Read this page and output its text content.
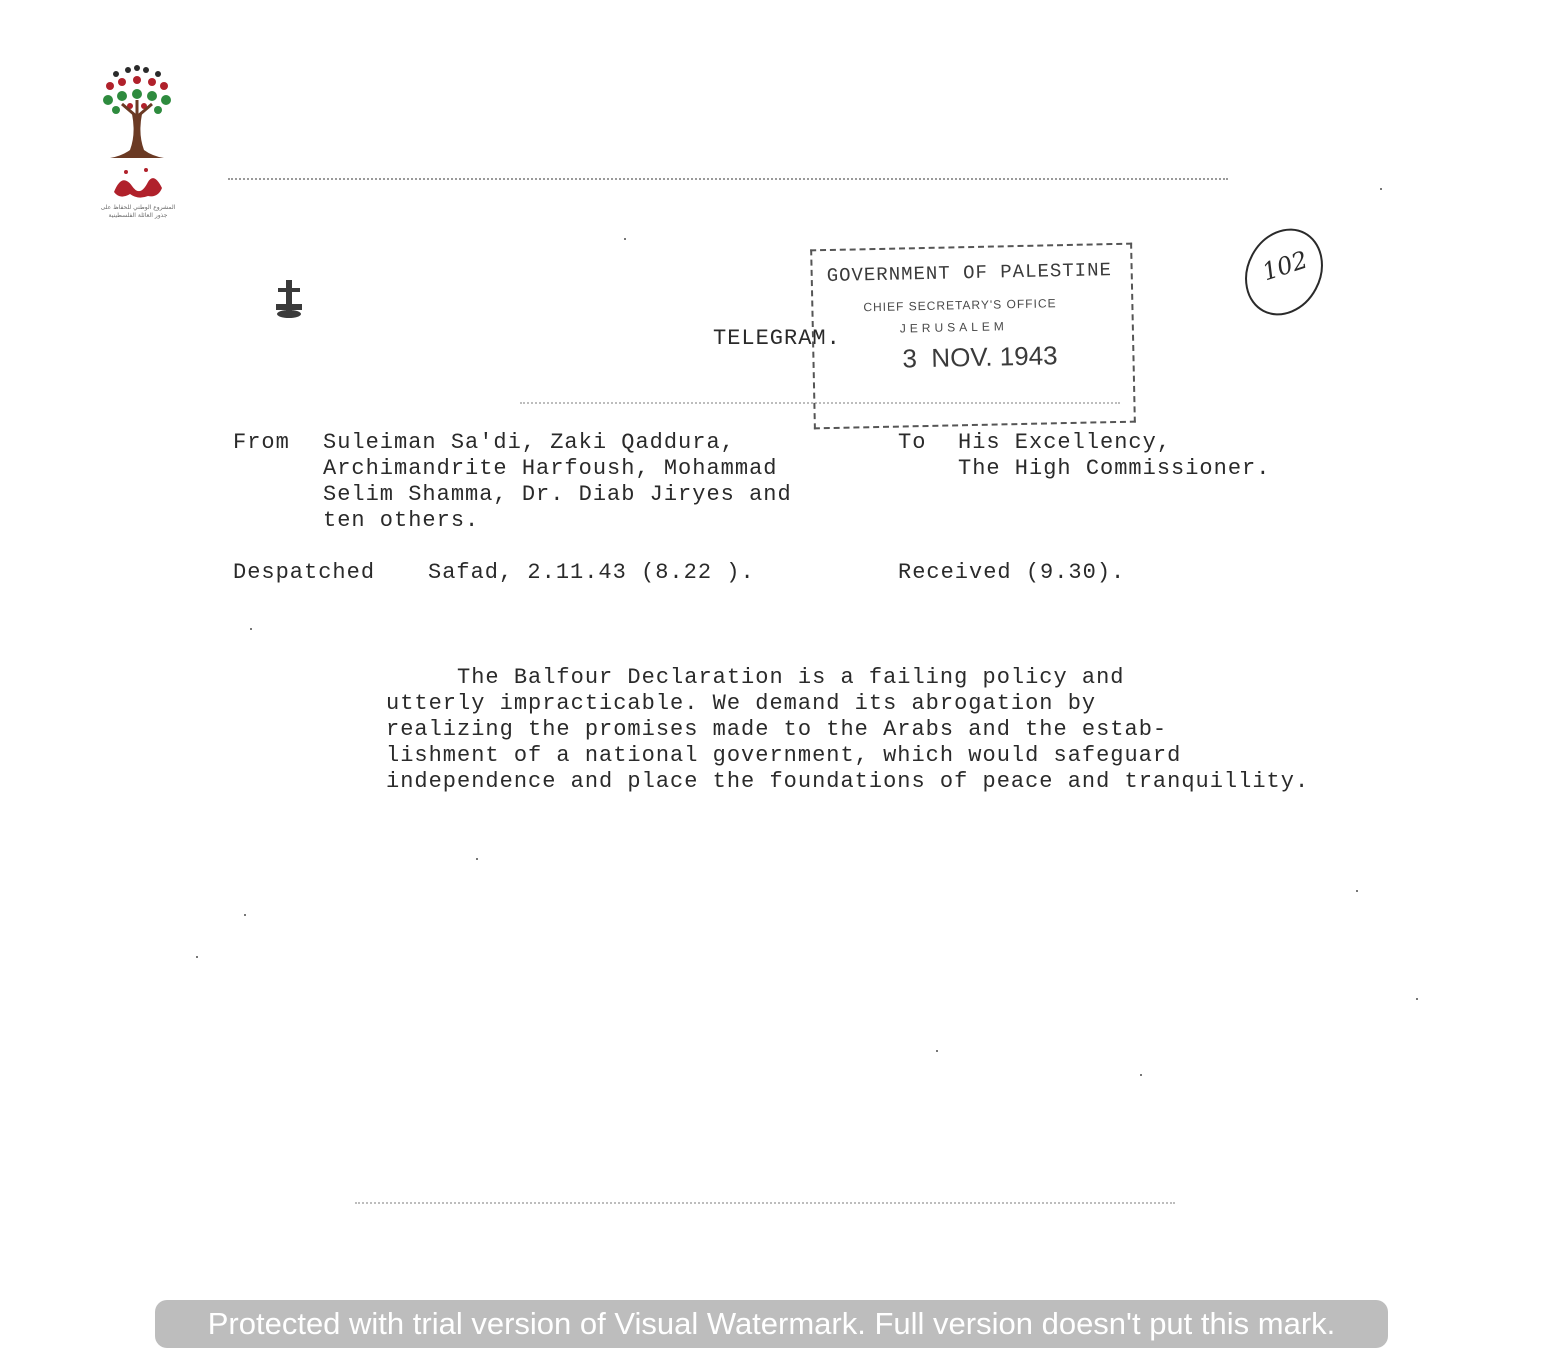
المشروع الوطني للحفاظ على
جذور العائلة الفلسطينية
TELEGRAM.
GOVERNMENT OF PALESTINE
CHIEF SECRETARY'S OFFICE
JERUSALEM
3  NOV. 1943
102
From Suleiman Sa'di, Zaki Qaddura,
Archimandrite Harfoush, Mohammad
Selim Shamma, Dr. Diab Jiryes and
ten others.
To His Excellency,
The High Commissioner.
Despatched Safad, 2.11.43 (8.22 ).	Received (9.30).
The Balfour Declaration is a failing policy and
utterly impracticable. We demand its abrogation by
realizing the promises made to the Arabs and the estab-
lishment of a national government, which would safeguard
independence and place the foundations of peace and tranquillity.
Protected with trial version of Visual Watermark. Full version doesn't put this mark.
